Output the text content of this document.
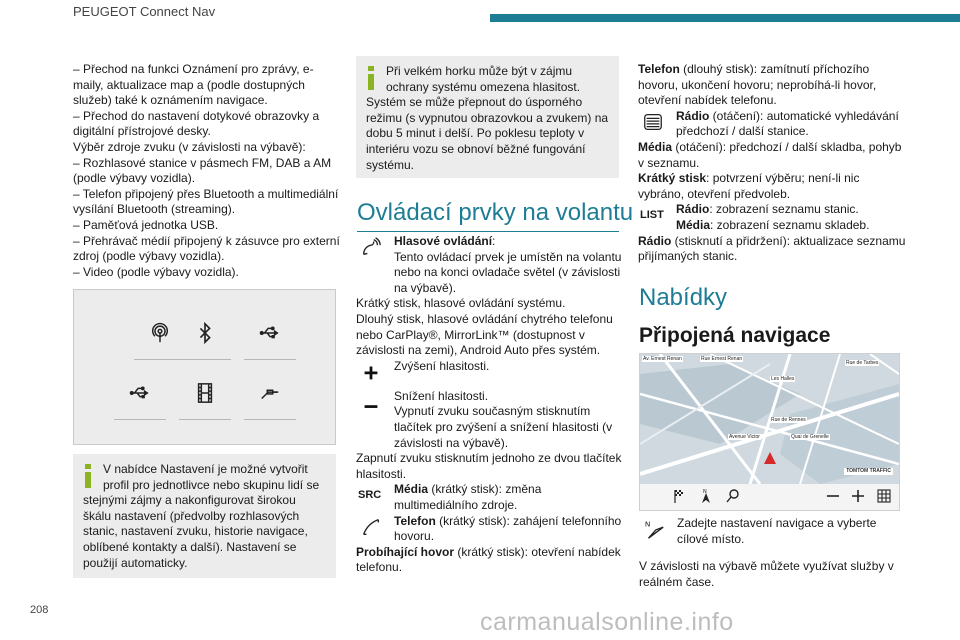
PEUGEOT Connect Nav

– Přechod na funkci Oznámení pro zprávy, e-maily, aktualizace map a (podle dostupných služeb) také k oznámením navigace.

– Přechod do nastavení dotykové obrazovky a digitální přístrojové desky.

Výběr zdroje zvuku (v závislosti na výbavě):

– Rozhlasové stanice v pásmech FM, DAB a AM (podle výbavy vozidla).

– Telefon připojený přes Bluetooth a multimediální vysílání Bluetooth (streaming).

– Paměťová jednotka USB.

– Přehrávač médií připojený k zásuvce pro externí zdroj (podle výbavy vozidla).

– Video (podle výbavy vozidla).

V nabídce Nastavení je možné vytvořit profil pro jednotlivce nebo skupinu lidí se stejnými zájmy a nakonfigurovat širokou škálu nastavení (předvolby rozhlasových stanic, nastavení zvuku, historie navigace, oblíbené kontakty a další). Nastavení se použijí automaticky.
Při velkém horku může být v zájmu ochrany systému omezena hlasitost. Systém se může přepnout do úsporného režimu (s vypnutou obrazovkou a zvukem) na dobu 5 minut i delší. Po poklesu teploty v interiéru vozu se obnoví běžné fungování systému.
Ovládací prvky na volantu
Hlasové ovládání:
Tento ovládací prvek je umístěn na volantu nebo na konci ovladače světel (v závislosti na výbavě).

Krátký stisk, hlasové ovládání systému.

Dlouhý stisk, hlasové ovládání chytrého telefonu nebo CarPlay®, MirrorLink™ (dostupnost v závislosti na zemi), Android Auto přes systém.

Zvýšení hlasitosti.
Snížení hlasitosti.
Vypnutí zvuku současným stisknutím tlačítek pro zvýšení a snížení hlasitosti (v závislosti na výbavě).

Zapnutí zvuku stisknutím jednoho ze dvou tlačítek hlasitosti.

SRC Média (krátký stisk): změna multimediálního zdroje.
Telefon (krátký stisk): zahájení telefonního hovoru.

Probíhající hovor (krátký stisk): otevření nabídek telefonu.

Telefon (dlouhý stisk): zamítnutí příchozího hovoru, ukončení hovoru; neprobíhá-li hovor, otevření nabídek telefonu.

Rádio (otáčení): automatické vyhledávání předchozí / další stanice.

Média (otáčení): předchozí / další skladba, pohyb v seznamu.

Krátký stisk: potvrzení výběru; není-li nic vybráno, otevření předvoleb.

LIST Rádio: zobrazení seznamu stanic.
Média: zobrazení seznamu skladeb.

Rádio (stisknutí a přidržení): aktualizace seznamu přijímaných stanic.

Nabídky
Připojená navigace
Av. Ernest Renan	Rue Ernest Renan
Rue de Tarbes
Les Halles
Rue de Rennes
Quai de Grenelle
Avenue Victor
TOMTOM TRAFFIC
N
N Zadejte nastavení navigace a vyberte cílové místo.

V závislosti na výbavě můžete využívat služby v reálném čase.

208	carmanualsonline.info
